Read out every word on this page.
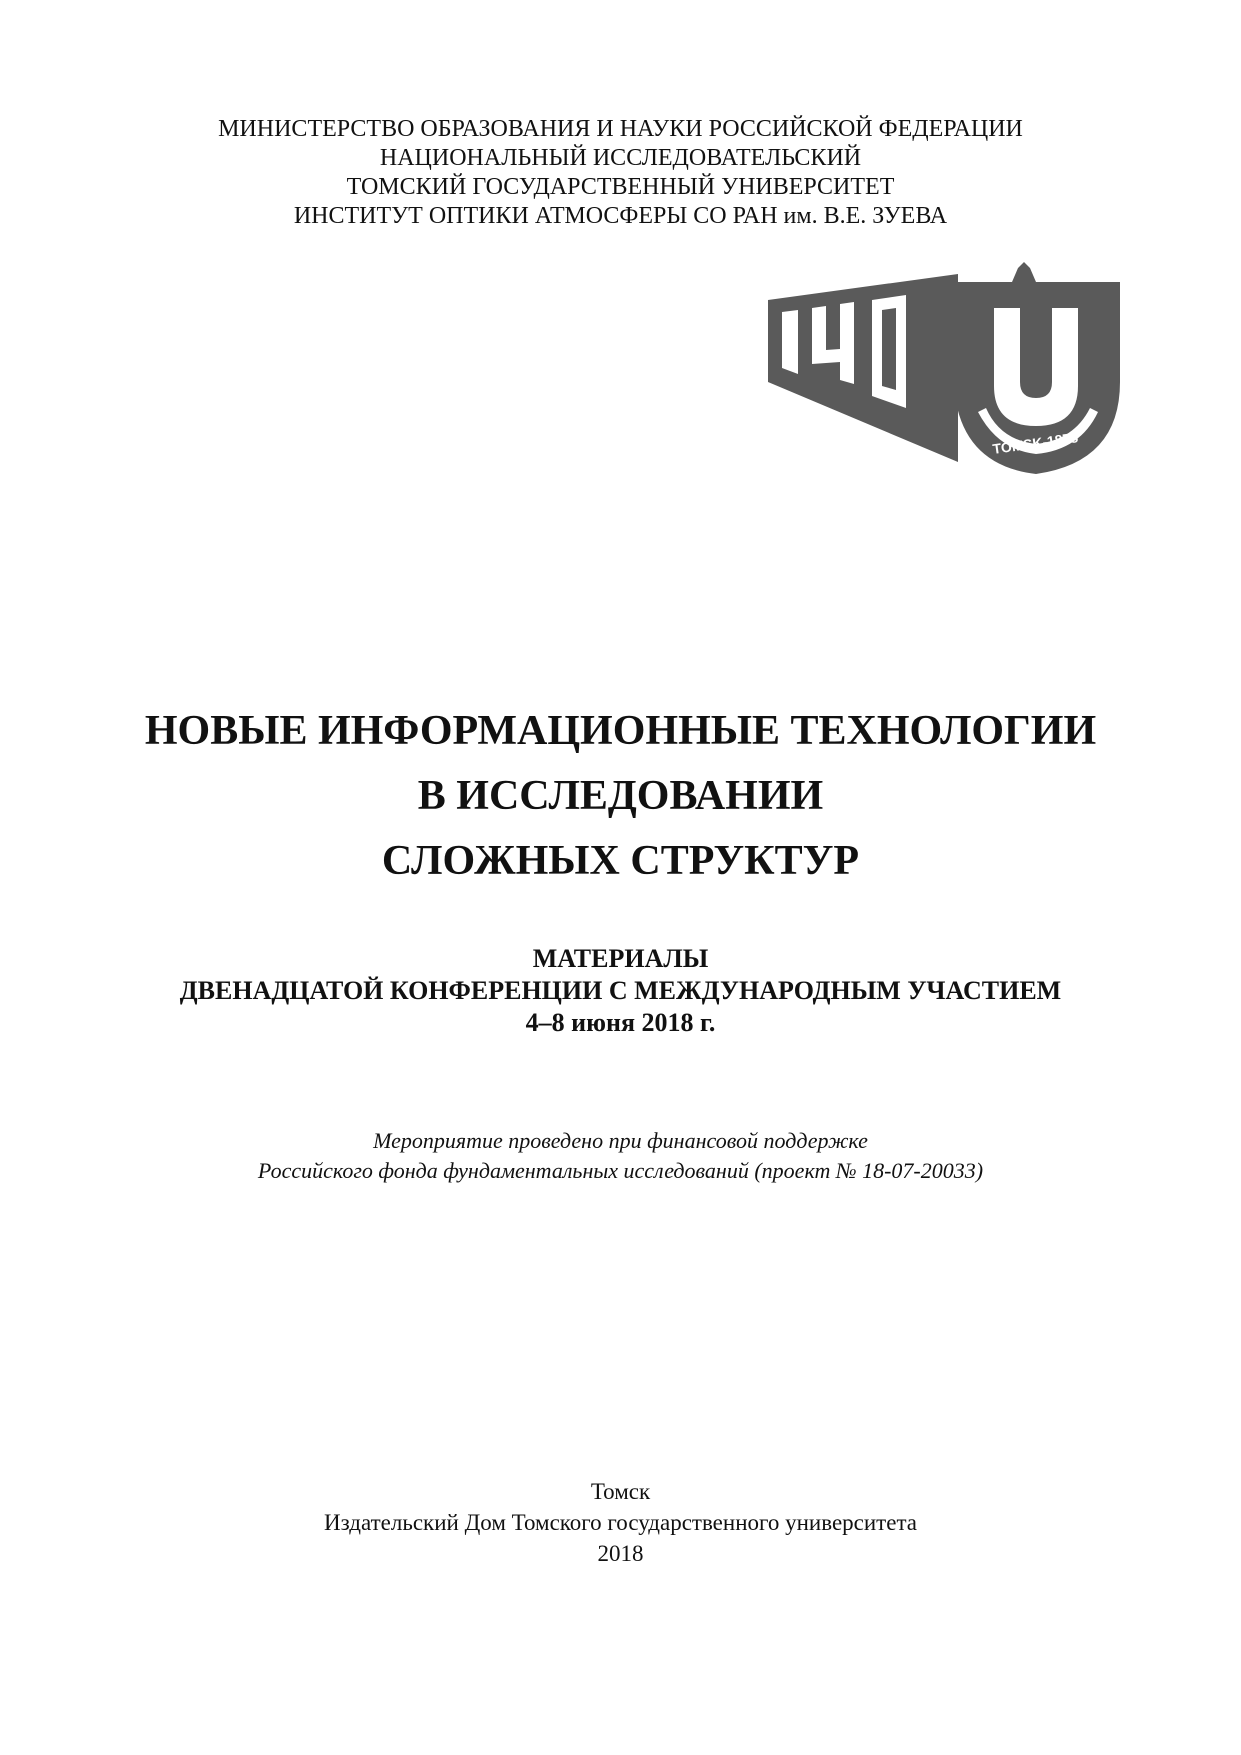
МИНИСТЕРСТВО ОБРАЗОВАНИЯ И НАУКИ РОССИЙСКОЙ ФЕДЕРАЦИИ
НАЦИОНАЛЬНЫЙ ИССЛЕДОВАТЕЛЬСКИЙ
ТОМСКИЙ ГОСУДАРСТВЕННЫЙ УНИВЕРСИТЕТ
ИНСТИТУТ ОПТИКИ АТМОСФЕРЫ СО РАН им. В.Е. ЗУЕВА
TOMSK-1878
НОВЫЕ ИНФОРМАЦИОННЫЕ ТЕХНОЛОГИИ
В ИССЛЕДОВАНИИ
СЛОЖНЫХ СТРУКТУР
МАТЕРИАЛЫ
ДВЕНАДЦАТОЙ КОНФЕРЕНЦИИ С МЕЖДУНАРОДНЫМ УЧАСТИЕМ
4–8 июня 2018 г.
Мероприятие проведено при финансовой поддержке
Российского фонда фундаментальных исследований (проект № 18-07-20033)
Томск
Издательский Дом Томского государственного университета
2018
